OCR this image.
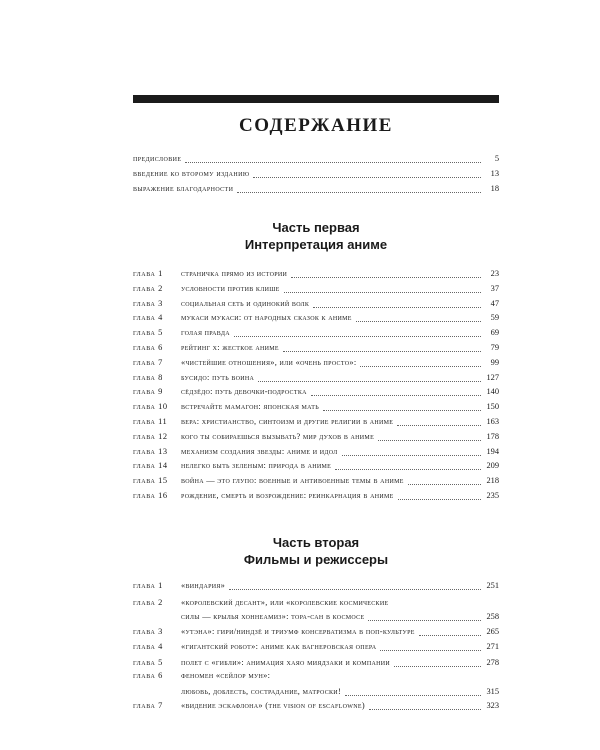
СОДЕРЖАНИЕ
предисловие	5
введение ко второму изданию	13
выражение благодарности	18
Часть первая
Интерпретация аниме
глава 1	страничка прямо из истории	23
глава 2	условности против клише	37
глава 3	социальная сеть и одинокий волк	47
глава 4	мукаси мукаси: от народных сказок к аниме	59
глава 5	голая правда	69
глава 6	рейтинг x: жесткое аниме	79
глава 7	«чистейшие отношения», или «очень просто»:	99
глава 8	бусидо: путь воина	127
глава 9	сёдзёдо: путь девочки-подростка	140
глава 10	встречайте мамагон: японская мать	150
глава 11	вера: христианство, синтоизм и другие религии в аниме	163
глава 12	кого ты собираешься вызывать? мир духов в аниме	178
глава 13	механизм создания звезды: аниме и идол	194
глава 14	нелегко быть зеленым: природа в аниме	209
глава 15	война — это глупо: военные и антивоенные темы в аниме	218
глава 16	рождение, смерть и возрождение: реинкарнация в аниме	235
Часть вторая
Фильмы и режиссеры
глава 1	«виндария»	251
глава 2	«королевский десант», или «королевские космические
силы — крылья хоннеамиз»: тора-сан в космосе	258
глава 3	«утэна»: гири/ниндзё и триумф консерватизма в поп-культуре	265
глава 4	«гигантский робот»: аниме как вагнеровская опера	271
глава 5	полет с «гибли»: анимация хаяо миядзаки и компании	278
глава 6	феномен «сейлор мун»:
любовь, доблесть, сострадание, матроски!	315
глава 7	«видение эскафлона» (the vision of escaflowne)	323
